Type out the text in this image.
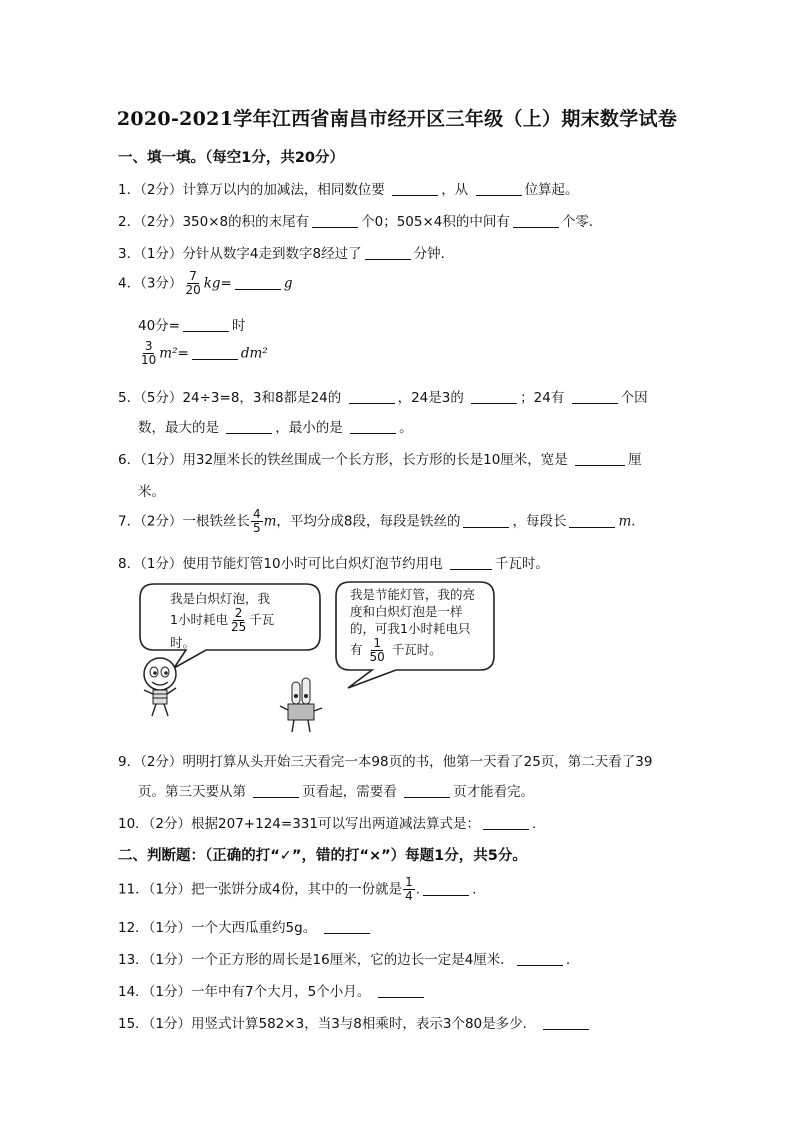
2020-2021学年江西省南昌市经开区三年级（上）期末数学试卷
一、填一填。（每空1分，共20分）
1．（2分）计算万以内的加减法，相同数位要	，从	位算起。
2．（2分）350×8的积的末尾有	个0；505×4积的中间有	个零．
3．（1分）分针从数字4走到数字8经过了	分钟．
4．（3分） $\frac{7}{20} kg=$	g
40分=	时
$\frac{3}{10} m^2=$	dm²
5．（5分）24÷3=8，3和8都是24的	，24是3的	；24有	个因
数，最大的是	，最小的是	。
6．（1分）用32厘米长的铁丝围成一个长方形，长方形的长是10厘米，宽是	厘
米。
7．（2分）一根铁丝长 $\frac{4}{5}$ m，平均分成8段，每段是铁丝的	，每段长	m.
8．（1分）使用节能灯管10小时可比白炽灯泡节约用电	千瓦时。
我是白炽灯泡，我
1小时耗电 $\frac{2}{25}$ 千瓦
时。
我是节能灯管，我的亮
度和白炽灯泡是一样
的，可我1小时耗电只
有 $\frac{1}{50}$ 千瓦时。
9．（2分）明明打算从头开始三天看完一本98页的书，他第一天看了25页，第二天看了39
页。第三天要从第	页看起，需要看	页才能看完。
10．（2分）根据207+124=331可以写出两道减法算式是：	.
二、判断题：（正确的打“✓”，错的打“×”）每题1分，共5分。
11．（1分）把一张饼分成4份，其中的一份就是 $\frac{1}{4}$ .	.
12．（1分）一个大西瓜重约5g。
13．（1分）一个正方形的周长是16厘米，它的边长一定是4厘米．	.
14．（1分）一年中有7个大月，5个小月。
15．（1分）用竖式计算582×3，当3与8相乘时，表示3个80是多少．
